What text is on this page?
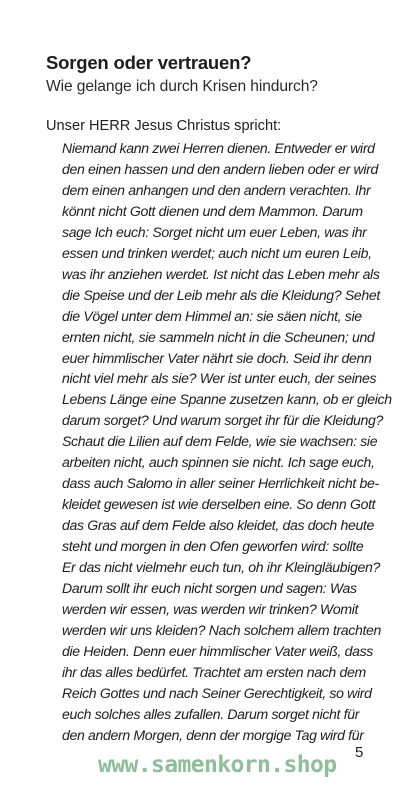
Sorgen oder vertrauen?

Wie gelange ich durch Krisen hindurch?

Unser HERR Jesus Christus spricht:

Niemand kann zwei Herren dienen. Entweder er wird
den einen hassen und den andern lieben oder er wird
dem einen anhangen und den andern verachten. Ihr
könnt nicht Gott dienen und dem Mammon. Darum
sage Ich euch: Sorget nicht um euer Leben, was ihr
essen und trinken werdet; auch nicht um euren Leib,
was ihr anziehen werdet. Ist nicht das Leben mehr als
die Speise und der Leib mehr als die Kleidung? Sehet
die Vögel unter dem Himmel an: sie säen nicht, sie
ernten nicht, sie sammeln nicht in die Scheunen; und
euer himmlischer Vater nährt sie doch. Seid ihr denn
nicht viel mehr als sie? Wer ist unter euch, der seines
Lebens Länge eine Spanne zusetzen kann, ob er gleich
darum sorget? Und warum sorget ihr für die Kleidung?
Schaut die Lilien auf dem Felde, wie sie wachsen: sie
arbeiten nicht, auch spinnen sie nicht. Ich sage euch,
dass auch Salomo in aller seiner Herrlichkeit nicht be-
kleidet gewesen ist wie derselben eine. So denn Gott
das Gras auf dem Felde also kleidet, das doch heute
steht und morgen in den Ofen geworfen wird: sollte
Er das nicht vielmehr euch tun, oh ihr Kleingläubigen?
Darum sollt ihr euch nicht sorgen und sagen: Was
werden wir essen, was werden wir trinken? Womit
werden wir uns kleiden? Nach solchem allem trachten
die Heiden. Denn euer himmlischer Vater weiß, dass
ihr das alles bedürfet. Trachtet am ersten nach dem
Reich Gottes und nach Seiner Gerechtigkeit, so wird
euch solches alles zufallen. Darum sorget nicht für
den andern Morgen, denn der morgige Tag wird für
5
www.samenkorn.shop
